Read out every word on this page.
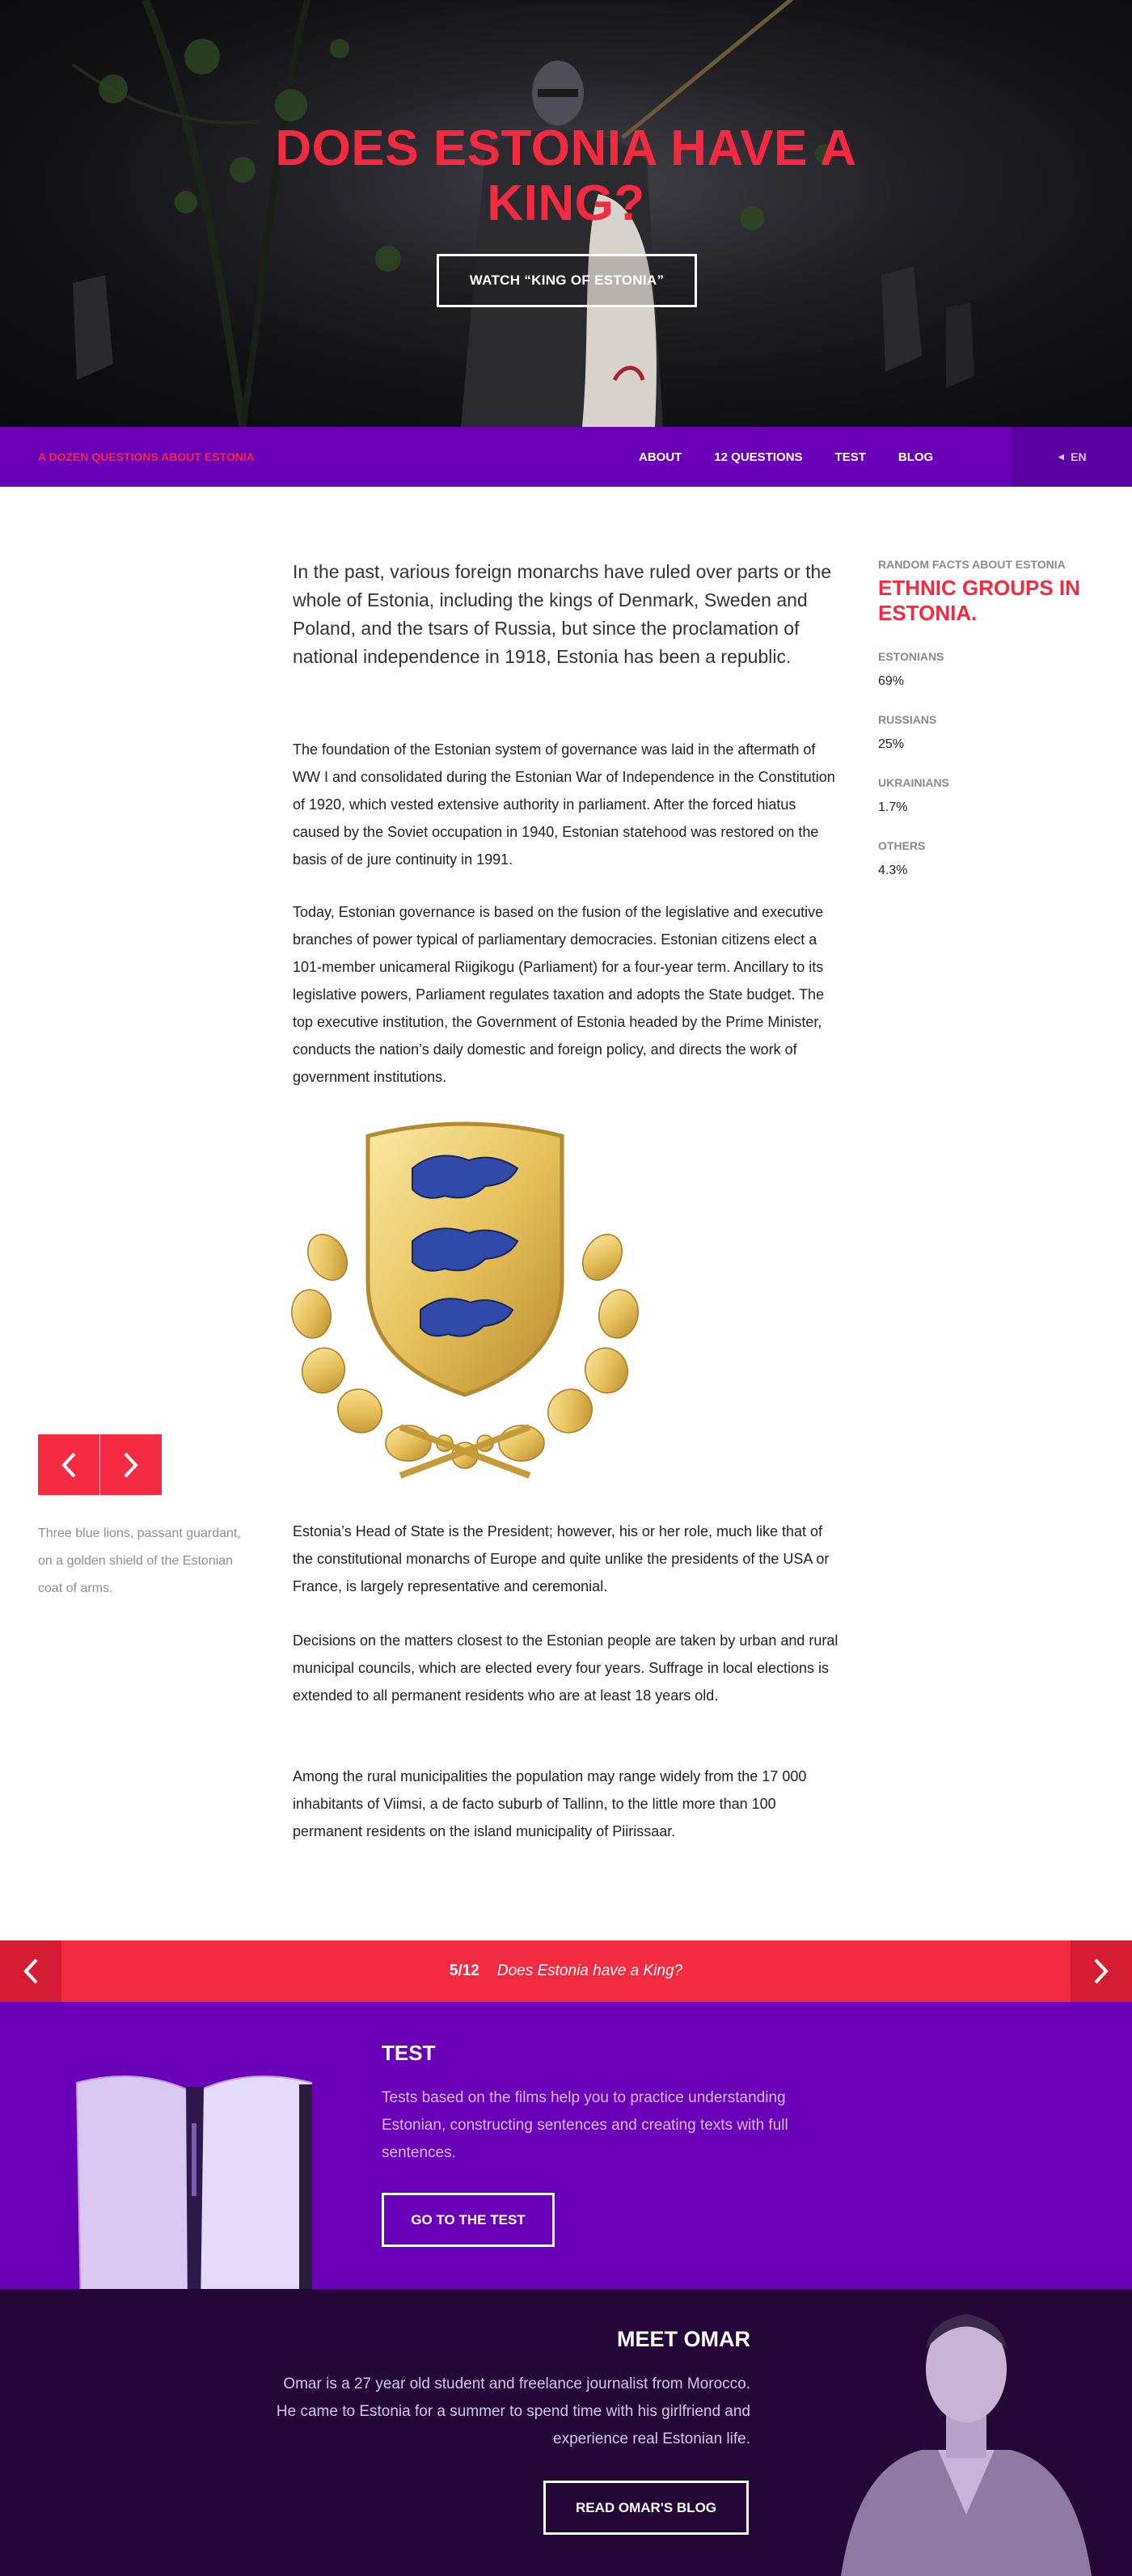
DOES ESTONIA HAVE A KING?
WATCH “KING OF ESTONIA”
A DOZEN QUESTIONS ABOUT ESTONIA	ABOUT	12 QUESTIONS	TEST	BLOG	◀ EN

In the past, various foreign monarchs have ruled over parts or the whole of Estonia, including the kings of Denmark, Sweden and Poland, and the tsars of Russia, but since the proclamation of national independence in 1918, Estonia has been a republic.

The foundation of the Estonian system of governance was laid in the aftermath of WW I and consolidated during the Estonian War of Independence in the Constitution of 1920, which vested extensive authority in parliament. After the forced hiatus caused by the Soviet occupation in 1940, Estonian statehood was restored on the basis of de jure continuity in 1991.

Today, Estonian governance is based on the fusion of the legislative and executive branches of power typical of parliamentary democracies. Estonian citizens elect a 101-member unicameral Riigikogu (Parliament) for a four-year term. Ancillary to its legislative powers, Parliament regulates taxation and adopts the State budget. The top executive institution, the Government of Estonia headed by the Prime Minister, conducts the nation’s daily domestic and foreign policy, and directs the work of government institutions.

RANDOM FACTS ABOUT ESTONIA
ETHNIC GROUPS IN ESTONIA.
ESTONIANS
69%
RUSSIANS
25%
UKRAINIANS
1.7%
OTHERS
4.3%

Three blue lions, passant guardant, on a golden shield of the Estonian coat of arms.

Estonia’s Head of State is the President; however, his or her role, much like that of the constitutional monarchs of Europe and quite unlike the presidents of the USA or France, is largely representative and ceremonial.

Decisions on the matters closest to the Estonian people are taken by urban and rural municipal councils, which are elected every four years. Suffrage in local elections is extended to all permanent residents who are at least 18 years old.

Among the rural municipalities the population may range widely from the 17 000 inhabitants of Viimsi, a de facto suburb of Tallinn, to the little more than 100 permanent residents on the island municipality of Piirissaar.

5/12 Does Estonia have a King?
TEST

Tests based on the films help you to practice understanding Estonian, constructing sentences and creating texts with full sentences.

GO TO THE TEST
MEET OMAR

Omar is a 27 year old student and freelance journalist from Morocco. He came to Estonia for a summer to spend time with his girlfriend and experience real Estonian life.

READ OMAR'S BLOG
